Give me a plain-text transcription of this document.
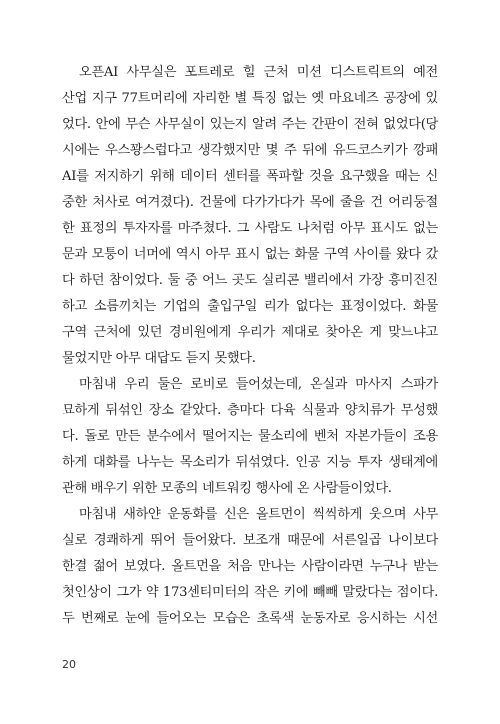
오픈AI 사무실은 포트레로 힐 근처 미션 디스트릭트의 예전
산업 지구 77트머리에 자리한 별 특징 없는 옛 마요네즈 공장에 있
었다. 안에 무슨 사무실이 있는지 알려 주는 간판이 전혀 없었다(당
시에는 우스꽝스럽다고 생각했지만 몇 주 뒤에 유드코스키가 깡패
AI를 저지하기 위해 데이터 센터를 폭파할 것을 요구했을 때는 신
중한 처사로 여겨졌다). 건물에 다가가다가 목에 줄을 건 어리둥절
한 표정의 투자자를 마주쳤다. 그 사람도 나처럼 아무 표시도 없는
문과 모퉁이 너머에 역시 아무 표시 없는 화물 구역 사이를 왔다 갔
다 하던 참이었다. 둘 중 어느 곳도 실리콘 밸리에서 가장 흥미진진
하고 소름끼치는 기업의 출입구일 리가 없다는 표정이었다. 화물
구역 근처에 있던 경비원에게 우리가 제대로 찾아온 게 맞느냐고
물었지만 아무 대답도 듣지 못했다.
마침내 우리 둘은 로비로 들어섰는데, 온실과 마사지 스파가
묘하게 뒤섞인 장소 같았다. 층마다 다육 식물과 양치류가 무성했
다. 돌로 만든 분수에서 떨어지는 물소리에 벤처 자본가들이 조용
하게 대화를 나누는 목소리가 뒤섞였다. 인공 지능 투자 생태계에
관해 배우기 위한 모종의 네트워킹 행사에 온 사람들이었다.
마침내 새하얀 운동화를 신은 올트먼이 씩씩하게 웃으며 사무
실로 경쾌하게 뛰어 들어왔다. 보조개 때문에 서른일곱 나이보다
한결 젊어 보였다. 올트먼을 처음 만나는 사람이라면 누구나 받는
첫인상이 그가 약 173센티미터의 작은 키에 빼빼 말랐다는 점이다.
두 번째로 눈에 들어오는 모습은 초록색 눈동자로 응시하는 시선
20
